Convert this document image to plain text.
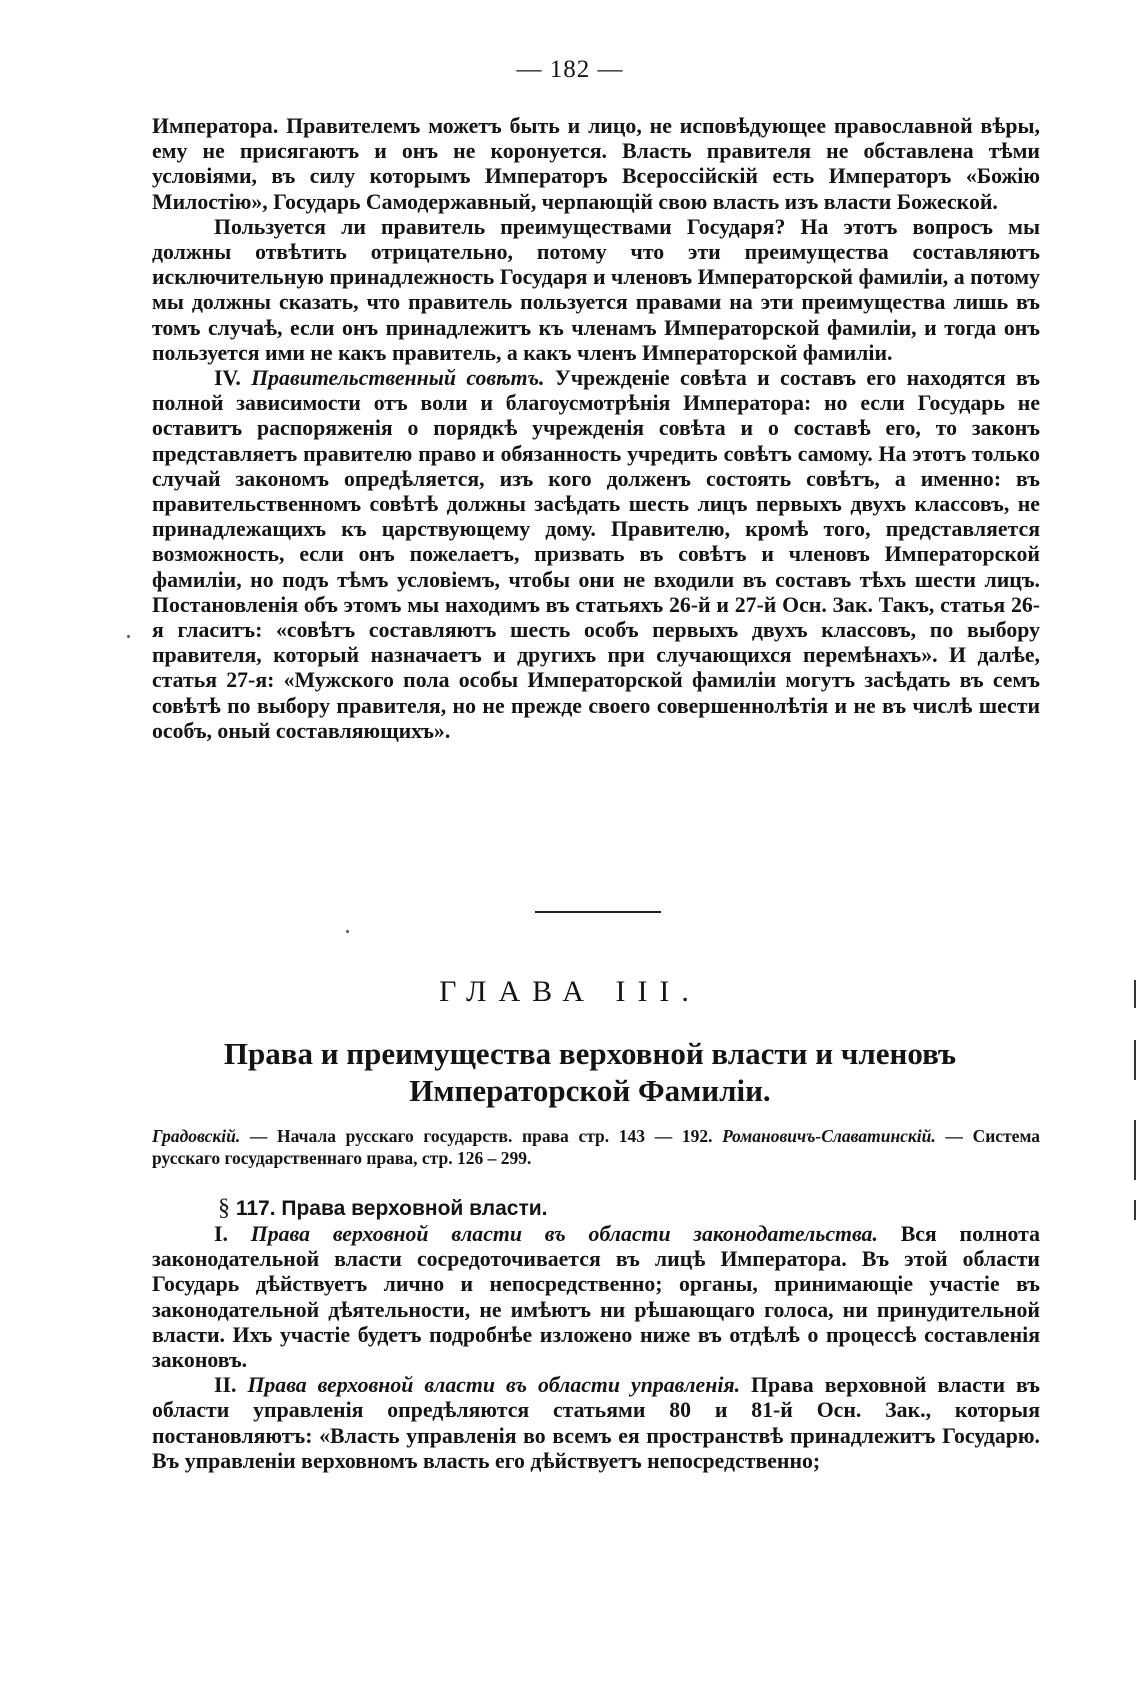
— 182 —

Императора. Правителемъ можетъ быть и лицо, не исповѣдующее православной вѣры, ему не присягаютъ и онъ не коронуется. Власть правителя не обставлена тѣми условіями, въ силу которымъ Императоръ Всероссійскій есть Императоръ «Божію Милостію», Государь Самодержавный, черпающій свою власть изъ власти Божеской.

Пользуется ли правитель преимуществами Государя? На этотъ вопросъ мы должны отвѣтить отрицательно, потому что эти преимущества составляютъ исключительную принадлежность Государя и членовъ Императорской фамиліи, а потому мы должны сказать, что правитель пользуется правами на эти преимущества лишь въ томъ случаѣ, если онъ принадлежитъ къ членамъ Императорской фамиліи, и тогда онъ пользуется ими не какъ правитель, а какъ членъ Императорской фамиліи.

IV. Правительственный совѣтъ. Учрежденіе совѣта и составъ его находятся въ полной зависимости отъ воли и благоусмотрѣнія Императора: но если Государь не оставитъ распоряженія о порядкѣ учрежденія совѣта и о составѣ его, то законъ представляетъ правителю право и обязанность учредить совѣтъ самому. На этотъ только случай закономъ опредѣляется, изъ кого долженъ состоять совѣтъ, а именно: въ правительственномъ совѣтѣ должны засѣдать шесть лицъ первыхъ двухъ классовъ, не принадлежащихъ къ царствующему дому. Правителю, кромѣ того, представляется возможность, если онъ пожелаетъ, призвать въ совѣтъ и членовъ Императорской фамиліи, но подъ тѣмъ условіемъ, чтобы они не входили въ составъ тѣхъ шести лицъ. Постановленія объ этомъ мы находимъ въ статьяхъ 26-й и 27-й Осн. Зак. Такъ, статья 26-я гласитъ: «совѣтъ составляютъ шесть особъ первыхъ двухъ классовъ, по выбору правителя, который назначаетъ и другихъ при случающихся перемѣнахъ». И далѣе, статья 27-я: «Мужского пола особы Императорской фамиліи могутъ засѣдать въ семъ совѣтѣ по выбору правителя, но не прежде своего совершеннолѣтія и не въ числѣ шести особъ, оный составляющихъ».

ГЛАВА III.
Права и преимущества верховной власти и членовъ Императорской Фамиліи.
Градовскій. — Начала русскаго государств. права стр. 143 — 192. Романовичъ-Славатинскій. — Система русскаго государственнаго права, стр. 126 – 299.
§ 117. Права верховной власти.

I. Права верховной власти въ области законодательства. Вся полнота законодательной власти сосредоточивается въ лицѣ Императора. Въ этой области Государь дѣйствуетъ лично и непосредственно; органы, принимающіе участіе въ законодательной дѣятельности, не имѣютъ ни рѣшающаго голоса, ни принудительной власти. Ихъ участіе будетъ подробнѣе изложено ниже въ отдѣлѣ о процессѣ составленія законовъ.

II. Права верховной власти въ области управленія. Права верховной власти въ области управленія опредѣляются статьями 80 и 81-й Осн. Зак., которыя постановляютъ: «Власть управленія во всемъ ея пространствѣ принадлежитъ Государю. Въ управленіи верховномъ власть его дѣйствуетъ непосредственно;
